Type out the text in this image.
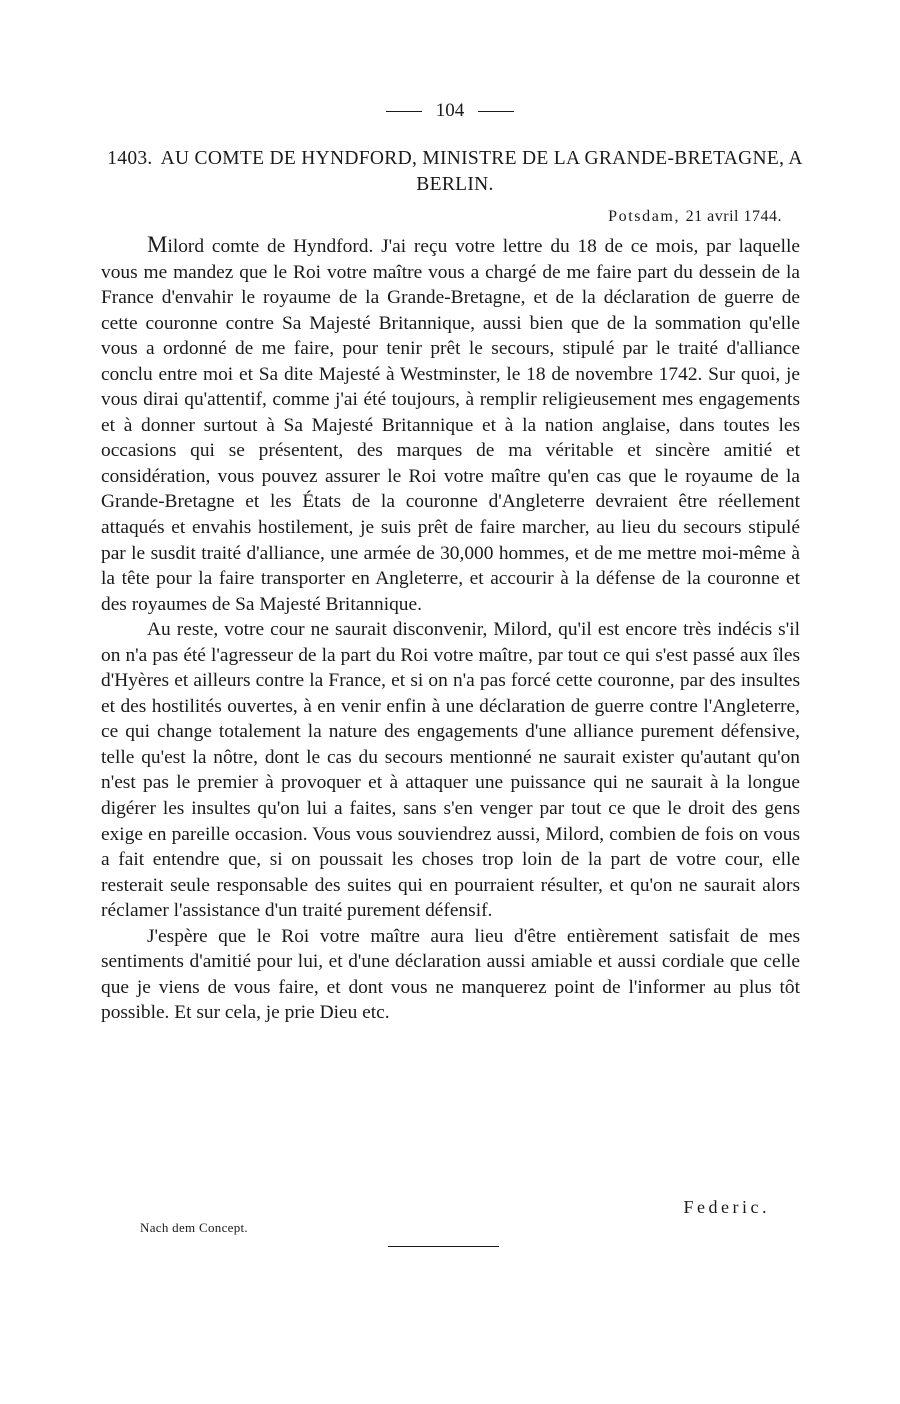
104
1403. AU COMTE DE HYNDFORD, MINISTRE DE LA GRANDE-BRETAGNE, A BERLIN.
Potsdam, 21 avril 1744.

Milord comte de Hyndford. J'ai reçu votre lettre du 18 de ce mois, par laquelle vous me mandez que le Roi votre maître vous a chargé de me faire part du dessein de la France d'envahir le royaume de la Grande-Bretagne, et de la déclaration de guerre de cette couronne contre Sa Majesté Britannique, aussi bien que de la sommation qu'elle vous a ordonné de me faire, pour tenir prêt le secours, stipulé par le traité d'alliance conclu entre moi et Sa dite Majesté à Westminster, le 18 de novembre 1742. Sur quoi, je vous dirai qu'attentif, comme j'ai été toujours, à remplir religieusement mes engagements et à donner surtout à Sa Majesté Britannique et à la nation anglaise, dans toutes les occasions qui se présentent, des marques de ma véritable et sincère amitié et considération, vous pouvez assurer le Roi votre maître qu'en cas que le royaume de la Grande-Bretagne et les États de la couronne d'Angleterre devraient être réellement attaqués et envahis hostilement, je suis prêt de faire marcher, au lieu du secours stipulé par le susdit traité d'alliance, une armée de 30,000 hommes, et de me mettre moi-même à la tête pour la faire transporter en Angleterre, et accourir à la défense de la couronne et des royaumes de Sa Majesté Britannique.

Au reste, votre cour ne saurait disconvenir, Milord, qu'il est encore très indécis s'il on n'a pas été l'agresseur de la part du Roi votre maître, par tout ce qui s'est passé aux îles d'Hyères et ailleurs contre la France, et si on n'a pas forcé cette couronne, par des insultes et des hostilités ouvertes, à en venir enfin à une déclaration de guerre contre l'Angleterre, ce qui change totalement la nature des engagements d'une alliance purement défensive, telle qu'est la nôtre, dont le cas du secours mentionné ne saurait exister qu'autant qu'on n'est pas le premier à provoquer et à attaquer une puissance qui ne saurait à la longue digérer les insultes qu'on lui a faites, sans s'en venger par tout ce que le droit des gens exige en pareille occasion. Vous vous souviendrez aussi, Milord, combien de fois on vous a fait entendre que, si on poussait les choses trop loin de la part de votre cour, elle resterait seule responsable des suites qui en pourraient résulter, et qu'on ne saurait alors réclamer l'assistance d'un traité purement défensif.

J'espère que le Roi votre maître aura lieu d'être entièrement satisfait de mes sentiments d'amitié pour lui, et d'une déclaration aussi amiable et aussi cordiale que celle que je viens de vous faire, et dont vous ne manquerez point de l'informer au plus tôt possible. Et sur cela, je prie Dieu etc.

Federic.
Nach dem Concept.
